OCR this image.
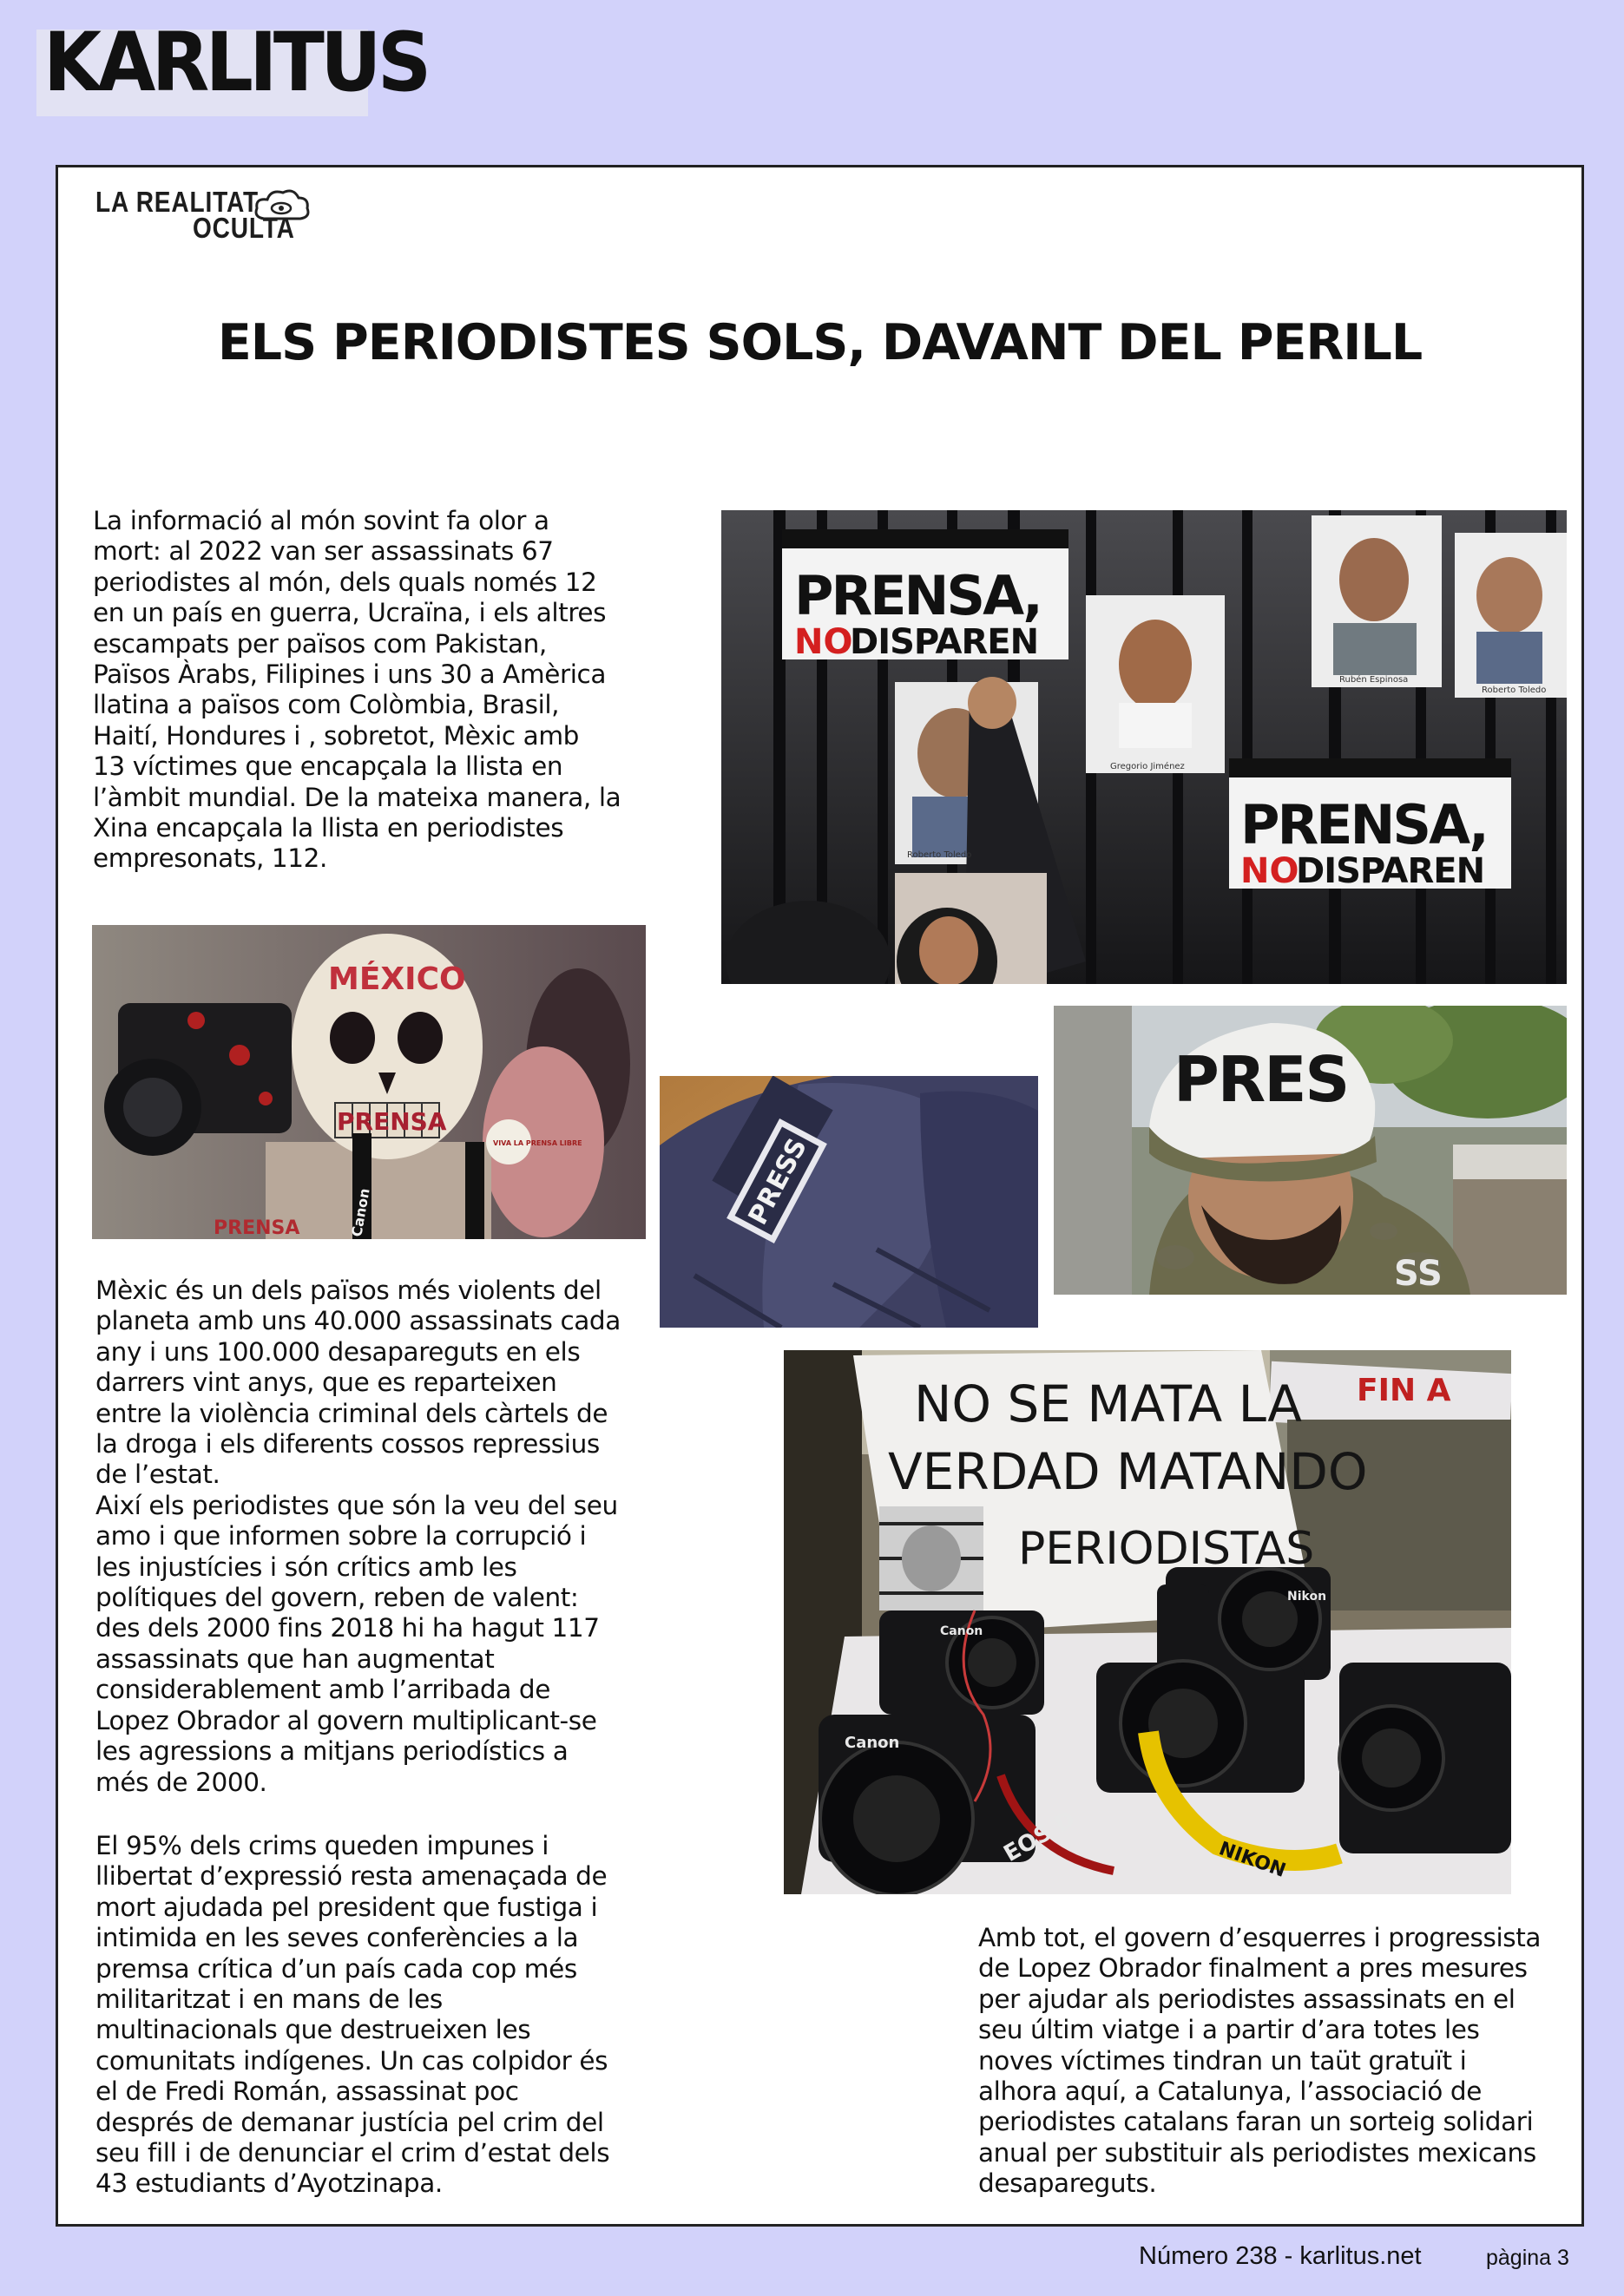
KARLITUS
LA REALITAT
OCULTA
ELS PERIODISTES SOLS, DAVANT DEL PERILL

La informació al món sovint fa olor a
mort: al 2022 van ser assassinats 67
periodistes al món, dels quals només 12
en un país en guerra, Ucraïna, i els altres
escampats per països com Pakistan,
Països Àrabs, Filipines i uns 30 a Amèrica
llatina a països com Colòmbia, Brasil,
Haití, Hondures i , sobretot, Mèxic amb
13 víctimes que encapçala la llista en
l’àmbit mundial. De la mateixa manera, la
Xina encapçala la llista en periodistes
empresonats, 112.

PRENSA,
NO
DISPAREN
PRENSA,
NO
DISPAREN
Gregorio Jiménez
Rubén Espinosa
Roberto Toledo
Roberto Toledo
MÉXICO
PRENSA
Canon
PRENSA
VIVA LA PRENSA LIBRE	PRESS
PRES
SS

Mèxic és un dels països més violents del
planeta amb uns 40.000 assassinats cada
any i uns 100.000 desapareguts en els
darrers vint anys, que es reparteixen
entre la violència criminal dels càrtels de
la droga i els diferents cossos repressius
de l’estat.
Així els periodistes que són la veu del seu
amo i que informen sobre la corrupció i
les injustícies i són crítics amb les
polítiques del govern, reben de valent:
des dels 2000 fins 2018 hi ha hagut 117
assassinats que han augmentat
considerablement amb l’arribada de
Lopez Obrador al govern multiplicant-se
les agressions a mitjans periodístics a
més de 2000.

NO SE MATA LA
VERDAD MATANDO
PERIODISTAS
FIN A
Canon
Canon
Nikon
EOS D	NIKON

El 95% dels crims queden impunes i
llibertat d’expressió resta amenaçada de
mort ajudada pel president que fustiga i
intimida en les seves conferències a la
premsa crítica d’un país cada cop més
militaritzat i en mans de les
multinacionals que destrueixen les
comunitats indígenes. Un cas colpidor és
el de Fredi Román, assassinat poc
després de demanar justícia pel crim del
seu fill i de denunciar el crim d’estat dels
43 estudiants d’Ayotzinapa.

Amb tot, el govern d’esquerres i progressista
de Lopez Obrador finalment a pres mesures
per ajudar als periodistes assassinats en el
seu últim viatge i a partir d’ara totes les
noves víctimes tindran un taüt gratuït i
alhora aquí, a Catalunya, l’associació de
periodistes catalans faran un sorteig solidari
anual per substituir als periodistes mexicans
desapareguts.

Número 238 - karlitus.net	pàgina 3
